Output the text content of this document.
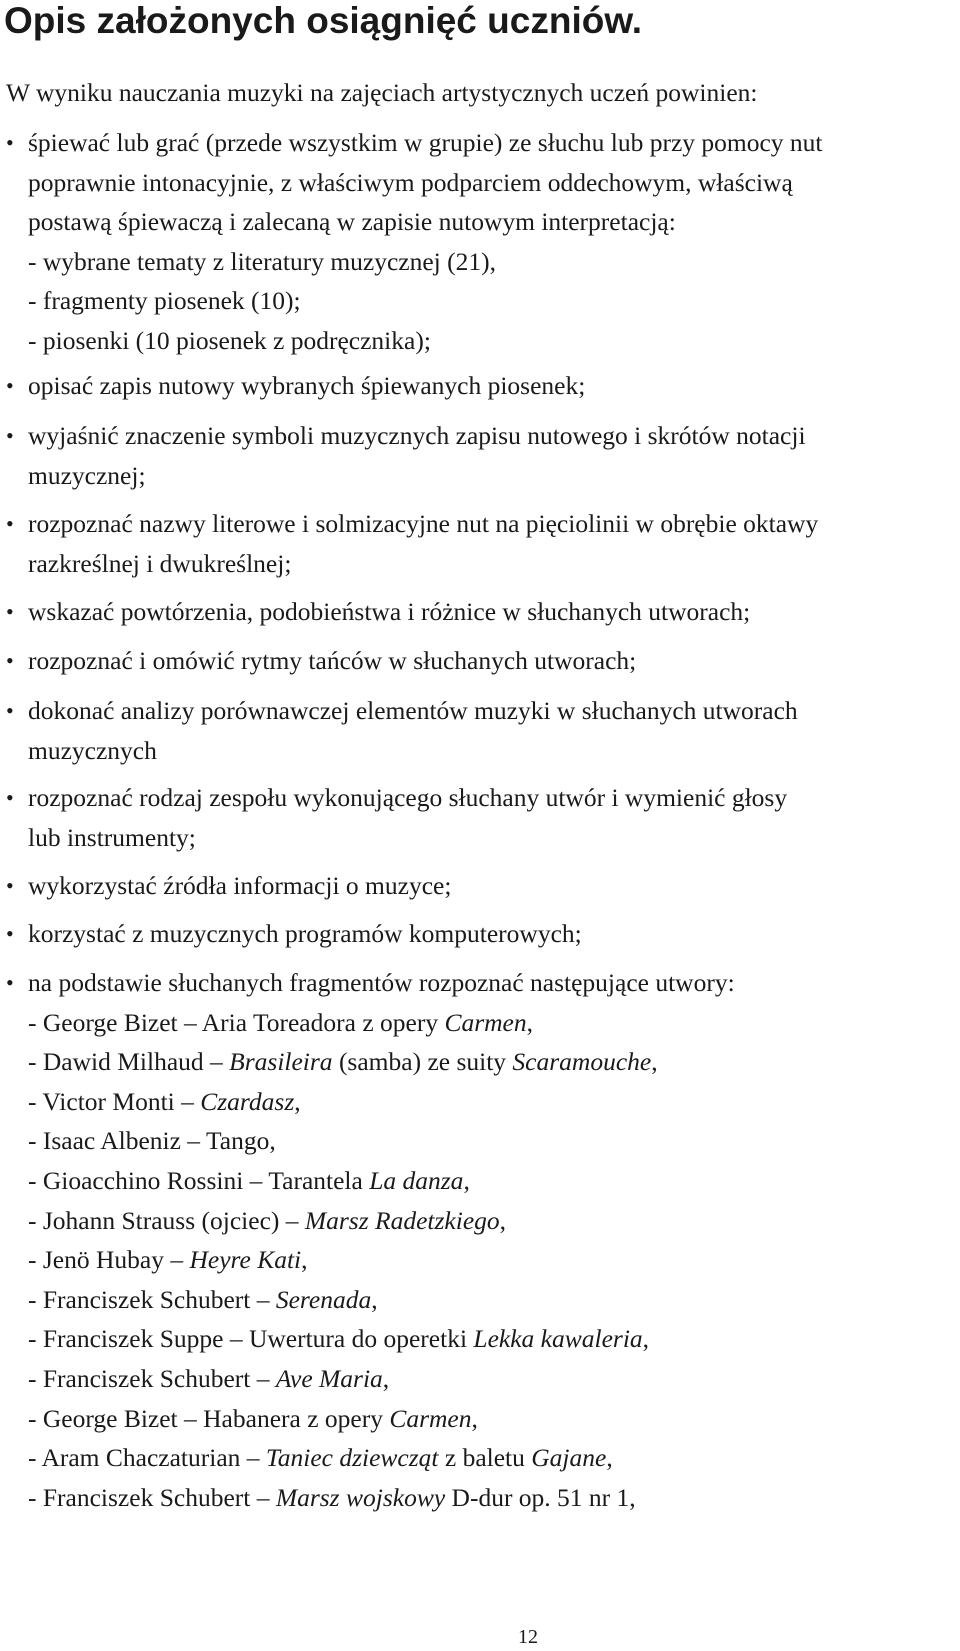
Opis założonych osiągnięć uczniów.
W wyniku nauczania muzyki na zajęciach artystycznych uczeń powinien:
• śpiewać lub grać (przede wszystkim w grupie) ze słuchu lub przy pomocy nut
poprawnie intonacyjnie, z właściwym podparciem oddechowym, właściwą
postawą śpiewaczą i zalecaną w zapisie nutowym interpretacją:
- wybrane tematy z literatury muzycznej (21),
- fragmenty piosenek (10);
- piosenki (10 piosenek z podręcznika);
• opisać zapis nutowy wybranych śpiewanych piosenek;
• wyjaśnić znaczenie symboli muzycznych zapisu nutowego i skrótów notacji
muzycznej;
• rozpoznać nazwy literowe i solmizacyjne nut na pięciolinii w obrębie oktawy
razkreślnej i dwukreślnej;
• wskazać powtórzenia, podobieństwa i różnice w słuchanych utworach;
• rozpoznać i omówić rytmy tańców w słuchanych utworach;
• dokonać analizy porównawczej elementów muzyki w słuchanych utworach
muzycznych
• rozpoznać rodzaj zespołu wykonującego słuchany utwór i wymienić głosy
lub instrumenty;
• wykorzystać źródła informacji o muzyce;
• korzystać z muzycznych programów komputerowych;
• na podstawie słuchanych fragmentów rozpoznać następujące utwory:
- George Bizet – Aria Toreadora z opery Carmen,
- Dawid Milhaud – Brasileira (samba) ze suity Scaramouche,
- Victor Monti – Czardasz,
- Isaac Albeniz – Tango,
- Gioacchino Rossini – Tarantela La danza,
- Johann Strauss (ojciec) – Marsz Radetzkiego,
- Jenö Hubay – Heyre Kati,
- Franciszek Schubert – Serenada,
- Franciszek Suppe – Uwertura do operetki Lekka kawaleria,
- Franciszek Schubert – Ave Maria,
- George Bizet – Habanera z opery Carmen,
- Aram Chaczaturian – Taniec dziewcząt z baletu Gajane,
- Franciszek Schubert – Marsz wojskowy D-dur op. 51 nr 1,
12
